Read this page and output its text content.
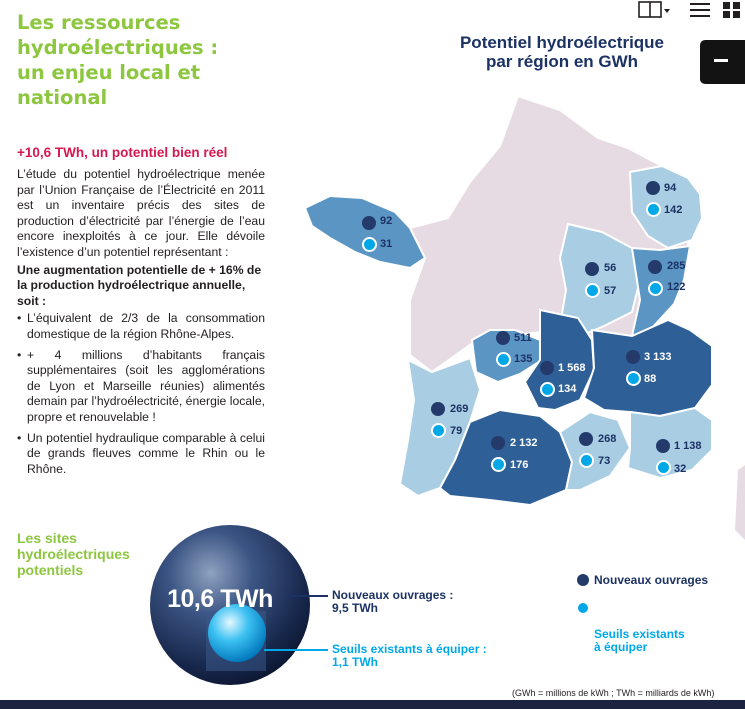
Les ressources
hydroélectriques :
un enjeu local et
national
+10,6 TWh, un potentiel bien réel

L’étude du potentiel hydroélectrique menée par l’Union Française de l’Électricité en 2011 est un inventaire précis des sites de production d’électricité par l’énergie de l’eau encore inexploités à ce jour. Elle dévoile l’existence d’un potentiel représentant :

Une augmentation potentielle de + 16% de la production hydroélectrique annuelle, soit :

• L’équivalent de 2/3 de la consommation domestique de la région Rhône-Alpes.
• + 4 millions d’habitants français supplémentaires (soit les agglomérations de Lyon et Marseille réunies) alimentés demain par l’hydroélectricité, énergie locale, propre et renouvelable !
• Un potentiel hydraulique comparable à celui de grands fleuves comme le Rhin ou le Rhône.
Les sites
hydroélectriques
potentiels
10,6 TWh	Nouveaux ouvrages :
9,5 TWh
Seuils existants à équiper :
1,1 TWh
Potentiel hydroélectrique
par région en GWh
92
31
94
142
56
57
285
122
511
135
1 568
134
3 133
88
269
79
2 132
176
268
73
1 138
32
Nouveaux ouvrages

Seuils existants
à équiper

(GWh = millions de kWh ; TWh = milliards de kWh)
